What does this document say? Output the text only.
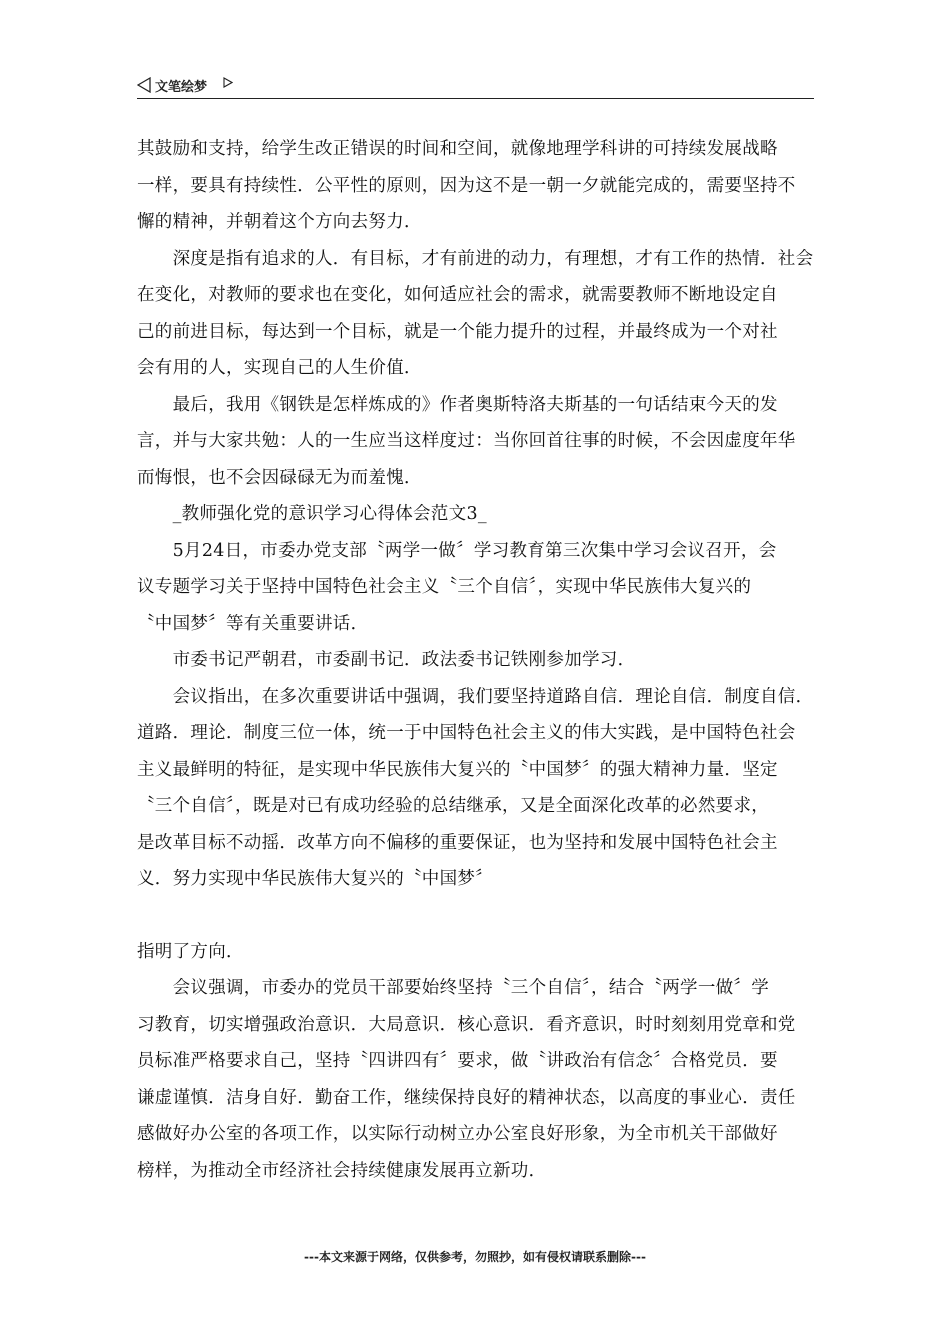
文笔绘梦

其鼓励和支持，给学生改正错误的时间和空间，就像地理学科讲的可持续发展战略

一样，要具有持续性．公平性的原则，因为这不是一朝一夕就能完成的，需要坚持不

懈的精神，并朝着这个方向去努力．

　　深度是指有追求的人．有目标，才有前进的动力，有理想，才有工作的热情．社会

在变化，对教师的要求也在变化，如何适应社会的需求，就需要教师不断地设定自

己的前进目标，每达到一个目标，就是一个能力提升的过程，并最终成为一个对社

会有用的人，实现自己的人生价值．

　　最后，我用《钢铁是怎样炼成的》作者奥斯特洛夫斯基的一句话结束今天的发

言，并与大家共勉：人的一生应当这样度过：当你回首往事的时候，不会因虚度年华

而悔恨，也不会因碌碌无为而羞愧．

　　_教师强化党的意识学习心得体会范文3_

　　5月24日，市委办党支部〝两学一做〞学习教育第三次集中学习会议召开，会

议专题学习关于坚持中国特色社会主义〝三个自信〞，实现中华民族伟大复兴的

〝中国梦〞等有关重要讲话．

　　市委书记严朝君，市委副书记．政法委书记铁刚参加学习．

　　会议指出，在多次重要讲话中强调，我们要坚持道路自信．理论自信．制度自信．

道路．理论．制度三位一体，统一于中国特色社会主义的伟大实践，是中国特色社会

主义最鲜明的特征，是实现中华民族伟大复兴的〝中国梦〞的强大精神力量．坚定

〝三个自信〞，既是对已有成功经验的总结继承，又是全面深化改革的必然要求，

是改革目标不动摇．改革方向不偏移的重要保证，也为坚持和发展中国特色社会主

义．努力实现中华民族伟大复兴的〝中国梦〞

指明了方向．

　　会议强调，市委办的党员干部要始终坚持〝三个自信〞，结合〝两学一做〞学

习教育，切实增强政治意识．大局意识．核心意识．看齐意识，时时刻刻用党章和党

员标准严格要求自己，坚持〝四讲四有〞要求，做〝讲政治有信念〞合格党员．要

谦虚谨慎．洁身自好．勤奋工作，继续保持良好的精神状态，以高度的事业心．责任

感做好办公室的各项工作，以实际行动树立办公室良好形象，为全市机关干部做好

榜样，为推动全市经济社会持续健康发展再立新功．

---本文来源于网络，仅供参考，勿照抄，如有侵权请联系删除---
